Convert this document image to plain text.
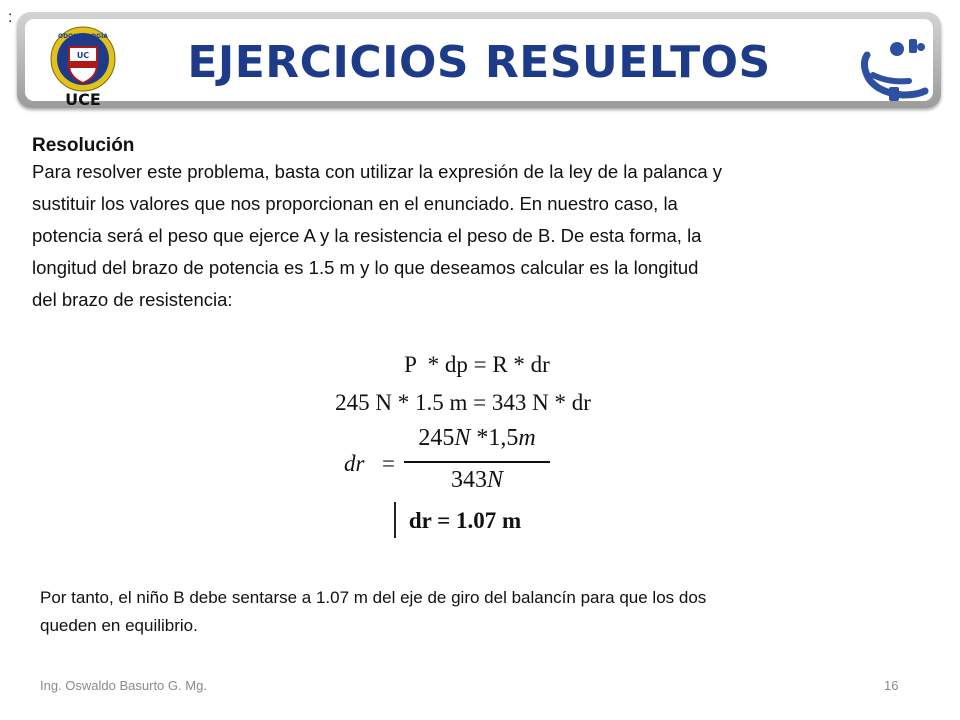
:
ODONTOLOGÍA
UC
UCE
EJERCICIOS RESUELTOS
Resolución
Para resolver este problema, basta con utilizar la expresión de la ley de la palanca y
sustituir los valores que nos proporcionan en el enunciado. En nuestro caso, la
potencia será el peso que ejerce A y la resistencia el peso de B. De esta forma, la
longitud del brazo de potencia es 1.5 m y lo que deseamos calcular es la longitud
del brazo de resistencia:
P  * dp = R * dr
245 N * 1.5 m = 343 N * dr
dr =
245N *1,5m
343N
dr = 1.07 m
Por tanto, el niño B debe sentarse a 1.07 m del eje de giro del balancín para que los dos
queden en equilibrio.
Ing. Oswaldo Basurto G. Mg.	16
